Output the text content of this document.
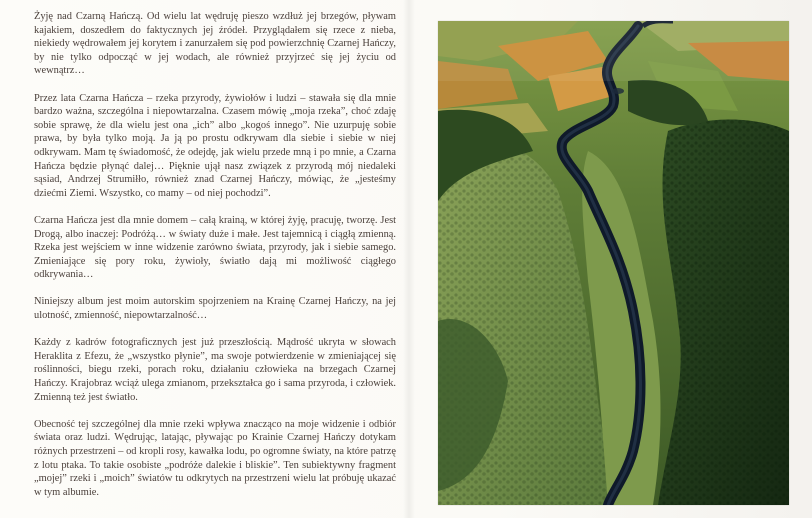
Żyję nad Czarną Hańczą. Od wielu lat wędruję pieszo wzdłuż jej brzegów, pływam kajakiem, doszedłem do faktycznych jej źródeł. Przyglądałem się rzece z nieba, niekiedy wędrowałem jej korytem i zanurzałem się pod powierzchnię Czarnej Hańczy, by nie tylko odpocząć w jej wodach, ale również przyjrzeć się jej życiu od wewnątrz…

Przez lata Czarna Hańcza – rzeka przyrody, żywiołów i ludzi – stawała się dla mnie bardzo ważna, szczególna i niepowtarzalna. Czasem mówię „moja rzeka”, choć zdaję sobie sprawę, że dla wielu jest ona „ich” albo „kogoś innego”. Nie uzurpuję sobie prawa, by była tylko moją. Ja ją po prostu odkrywam dla siebie i siebie w niej odkrywam. Mam tę świadomość, że odejdę, jak wielu przede mną i po mnie, a Czarna Hańcza będzie płynąć dalej… Pięknie ujął nasz związek z przyrodą mój niedaleki sąsiad, Andrzej Strumiłło, również znad Czarnej Hańczy, mówiąc, że „jesteśmy dziećmi Ziemi. Wszystko, co mamy – od niej pochodzi”.

Czarna Hańcza jest dla mnie domem – całą krainą, w której żyję, pracuję, tworzę. Jest Drogą, albo inaczej: Podróżą… w światy duże i małe. Jest tajemnicą i ciągłą zmienną. Rzeka jest wejściem w inne widzenie zarówno świata, przyrody, jak i siebie samego. Zmieniające się pory roku, żywioły, światło dają mi możliwość ciągłego odkrywania…

Niniejszy album jest moim autorskim spojrzeniem na Krainę Czarnej Hańczy, na jej ulotność, zmienność, niepowtarzalność…

Każdy z kadrów fotograficznych jest już przeszłością. Mądrość ukryta w słowach Heraklita z Efezu, że „wszystko płynie”, ma swoje potwierdzenie w zmieniającej się roślinności, biegu rzeki, porach roku, działaniu człowieka na brzegach Czarnej Hańczy. Krajobraz wciąż ulega zmianom, przekształca go i sama przyroda, i człowiek. Zmienną też jest światło.

Obecność tej szczególnej dla mnie rzeki wpływa znacząco na moje widzenie i odbiór świata oraz ludzi. Wędrując, latając, pływając po Krainie Czarnej Hańczy dotykam różnych przestrzeni – od kropli rosy, kawałka lodu, po ogromne światy, na które patrzę z lotu ptaka. To takie osobiste „podróże dalekie i bliskie”. Ten subiektywny fragment „mojej” rzeki i „moich” światów tu odkrytych na przestrzeni wielu lat próbuję ukazać w tym albumie.
